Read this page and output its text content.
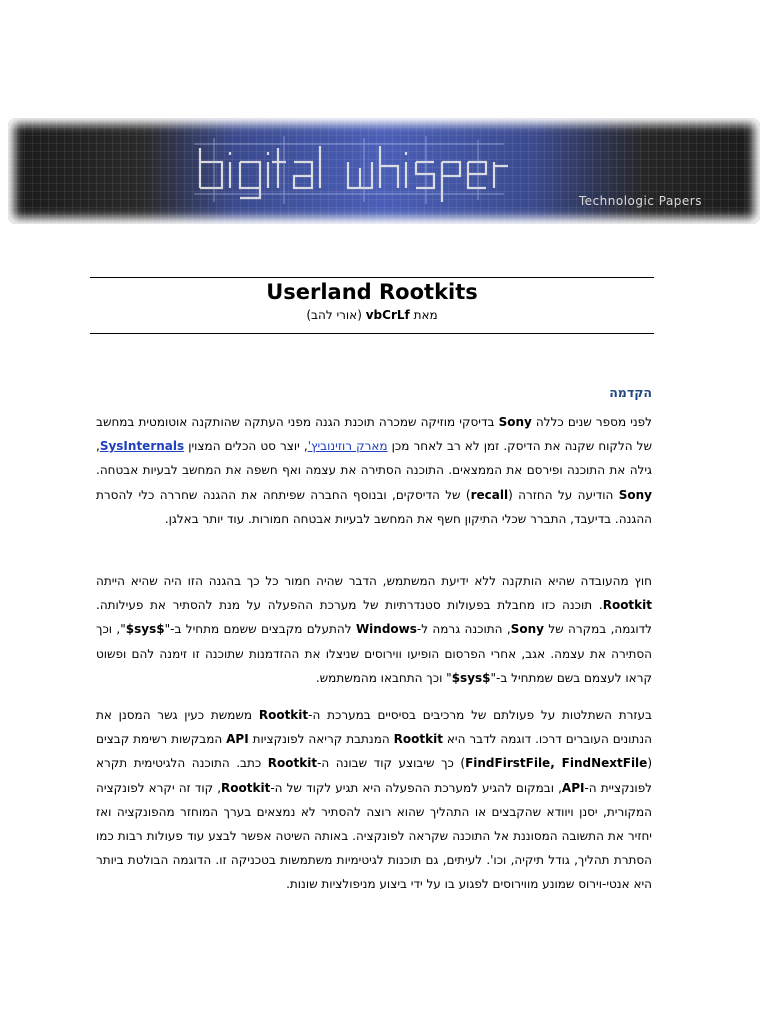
Technologic Papers
Userland Rootkits
מאת vbCrLf (אורי להב)
הקדמה
לפני מספר שנים כללה Sony בדיסקי מוזיקה שמכרה תוכנת הגנה מפני העתקה שהותקנה אוטומטית במחשב של הלקוח שקנה את הדיסק. זמן לא רב לאחר מכן מארק רוזינוביץ', יוצר סט הכלים המצוין SysInternals, גילה את התוכנה ופירסם את הממצאים. התוכנה הסתירה את עצמה ואף חשפה את המחשב לבעיות אבטחה. Sony הודיעה על החזרה (recall) של הדיסקים, ובנוסף החברה שפיתחה את ההגנה שחררה כלי להסרת ההגנה. בדיעבד, התברר שכלי התיקון חשף את המחשב לבעיות אבטחה חמורות. עוד יותר באלגן.
חוץ מהעובדה שהיא הותקנה ללא ידיעת המשתמש, הדבר שהיה חמור כל כך בהגנה הזו היה שהיא הייתה Rootkit. תוכנה כזו מחבלת בפעולות סטנדרתיות של מערכת ההפעלה על מנת להסתיר את פעילותה. לדוגמה, במקרה של Sony, התוכנה גרמה ל-Windows להתעלם מקבצים ששמם מתחיל ב-"$sys$", וכך הסתירה את עצמה. אגב, אחרי הפרסום הופיעו ווירוסים שניצלו את ההזדמנות שתוכנה זו זימנה להם ופשוט קראו לעצמם בשם שמתחיל ב-"$sys$" וכך התחבאו מהמשתמש.
בעזרת השתלטות על פעולתם של מרכיבים בסיסיים במערכת ה-Rootkit משמשת כעין גשר המסנן את הנתונים העוברים דרכו. דוגמה לדבר היא Rootkit המנתבת קריאה לפונקציות API המבקשות רשימת קבצים (FindFirstFile, FindNextFile) כך שיבוצע קוד שבונה ה-Rootkit כתב. התוכנה הלגיטימית תקרא לפונקציית ה-API, ובמקום להגיע למערכת ההפעלה היא תגיע לקוד של ה-Rootkit, קוד זה יקרא לפונקציה המקורית, יסנן ויוודא שהקבצים או התהליך שהוא רוצה להסתיר לא נמצאים בערך המוחזר מהפונקציה ואז יחזיר את התשובה המסוננת אל התוכנה שקראה לפונקציה. באותה השיטה אפשר לבצע עוד פעולות רבות כמו הסתרת תהליך, גודל תיקיה, וכו'. לעיתים, גם תוכנות לגיטימיות משתמשות בטכניקה זו. הדוגמה הבולטת ביותר היא אנטי-וירוס שמונע מווירוסים לפגוע בו על ידי ביצוע מניפולציות שונות.
